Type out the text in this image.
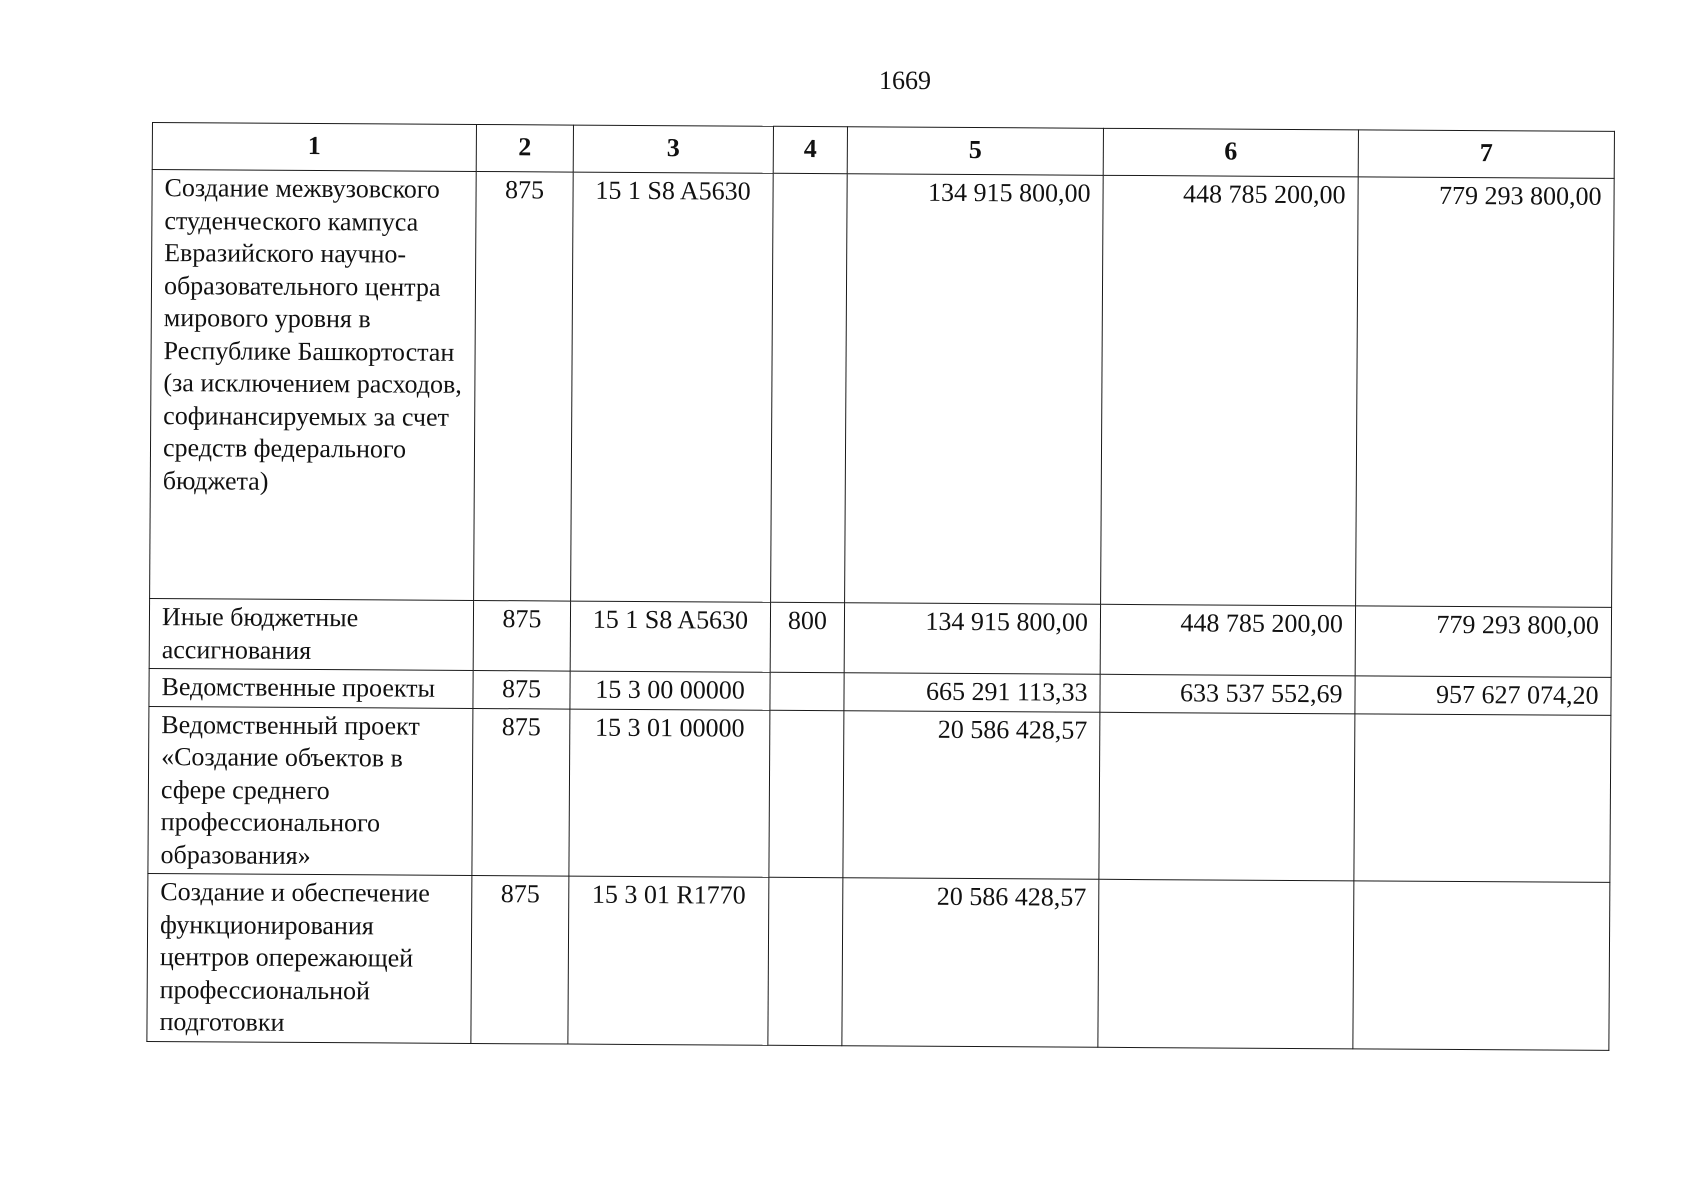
1669
1	2	3	4	5	6	7
Создание межвузовского студенческого кампуса Евразийского научно-образовательного центра мирового уровня в Республике Башкортостан (за исключением расходов, софинансируемых за счет средств федерального бюджета)	875	15 1 S8 A5630		134 915 800,00	448 785 200,00	779 293 800,00
Иные бюджетные ассигнования	875	15 1 S8 A5630	800	134 915 800,00	448 785 200,00	779 293 800,00
Ведомственные проекты	875	15 3 00 00000		665 291 113,33	633 537 552,69	957 627 074,20
Ведомственный проект «Создание объектов в сфере среднего профессионального образования»	875	15 3 01 00000		20 586 428,57		
Создание и обеспечение функционирования центров опережающей профессиональной подготовки	875	15 3 01 R1770		20 586 428,57		
